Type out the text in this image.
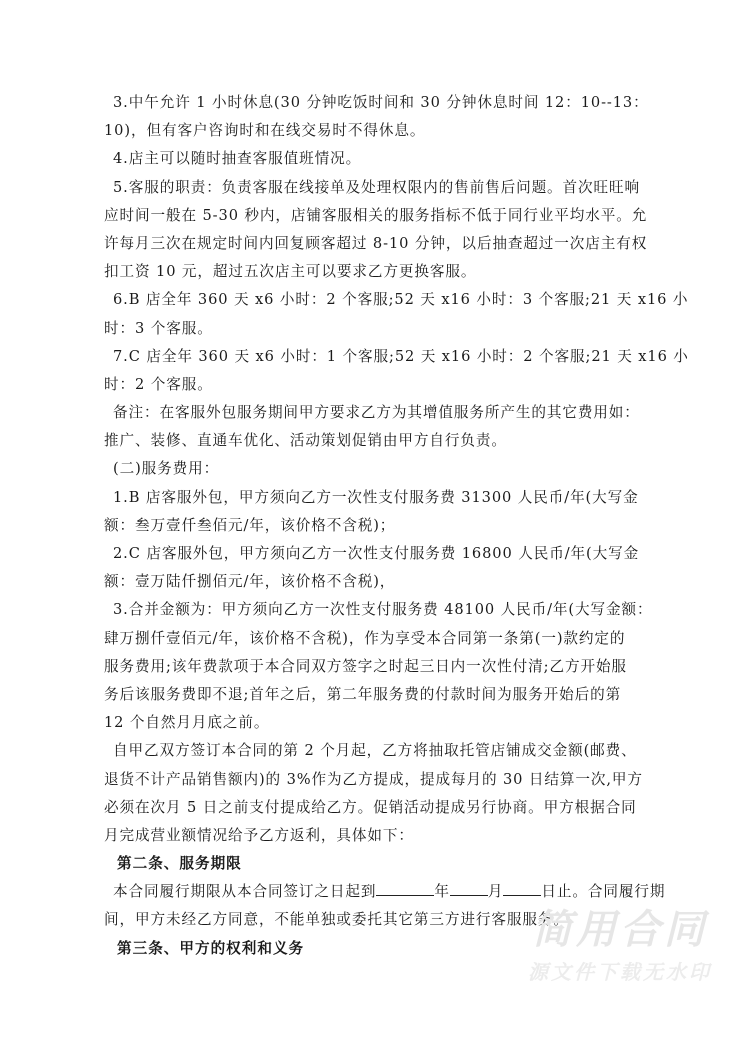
3.中午允许 1 小时休息(30 分钟吃饭时间和 30 分钟休息时间 12：10--13：
10)，但有客户咨询时和在线交易时不得休息。
4.店主可以随时抽查客服值班情况。
5.客服的职责：负责客服在线接单及处理权限内的售前售后问题。首次旺旺响
应时间一般在 5-30 秒内，店铺客服相关的服务指标不低于同行业平均水平。允
许每月三次在规定时间内回复顾客超过 8-10 分钟，以后抽查超过一次店主有权
扣工资 10 元，超过五次店主可以要求乙方更换客服。
6.B 店全年 360 天 x6 小时：2 个客服;52 天 x16 小时：3 个客服;21 天 x16 小
时：3 个客服。
7.C 店全年 360 天 x6 小时：1 个客服;52 天 x16 小时：2 个客服;21 天 x16 小
时：2 个客服。
备注：在客服外包服务期间甲方要求乙方为其增值服务所产生的其它费用如：
推广、装修、直通车优化、活动策划促销由甲方自行负责。
(二)服务费用：
1.B 店客服外包，甲方须向乙方一次性支付服务费 31300 人民币/年(大写金
额：叁万壹仟叁佰元/年，该价格不含税)；
2.C 店客服外包，甲方须向乙方一次性支付服务费 16800 人民币/年(大写金
额：壹万陆仟捌佰元/年，该价格不含税)，
3.合并金额为：甲方须向乙方一次性支付服务费 48100 人民币/年(大写金额：
肆万捌仟壹佰元/年，该价格不含税)，作为享受本合同第一条第(一)款约定的
服务费用;该年费款项于本合同双方签字之时起三日内一次性付清;乙方开始服
务后该服务费即不退;首年之后，第二年服务费的付款时间为服务开始后的第
12 个自然月月底之前。
自甲乙双方签订本合同的第 2 个月起，乙方将抽取托管店铺成交金额(邮费、
退货不计产品销售额内)的 3%作为乙方提成，提成每月的 30 日结算一次,甲方
必须在次月 5 日之前支付提成给乙方。促销活动提成另行协商。甲方根据合同
月完成营业额情况给予乙方返利，具体如下：
第二条、服务期限
本合同履行期限从本合同签订之日起到	年	月	日止。合同履行期
间，甲方未经乙方同意，不能单独或委托其它第三方进行客服服务。
第三条、甲方的权利和义务	简用合同
源文件下载无水印
